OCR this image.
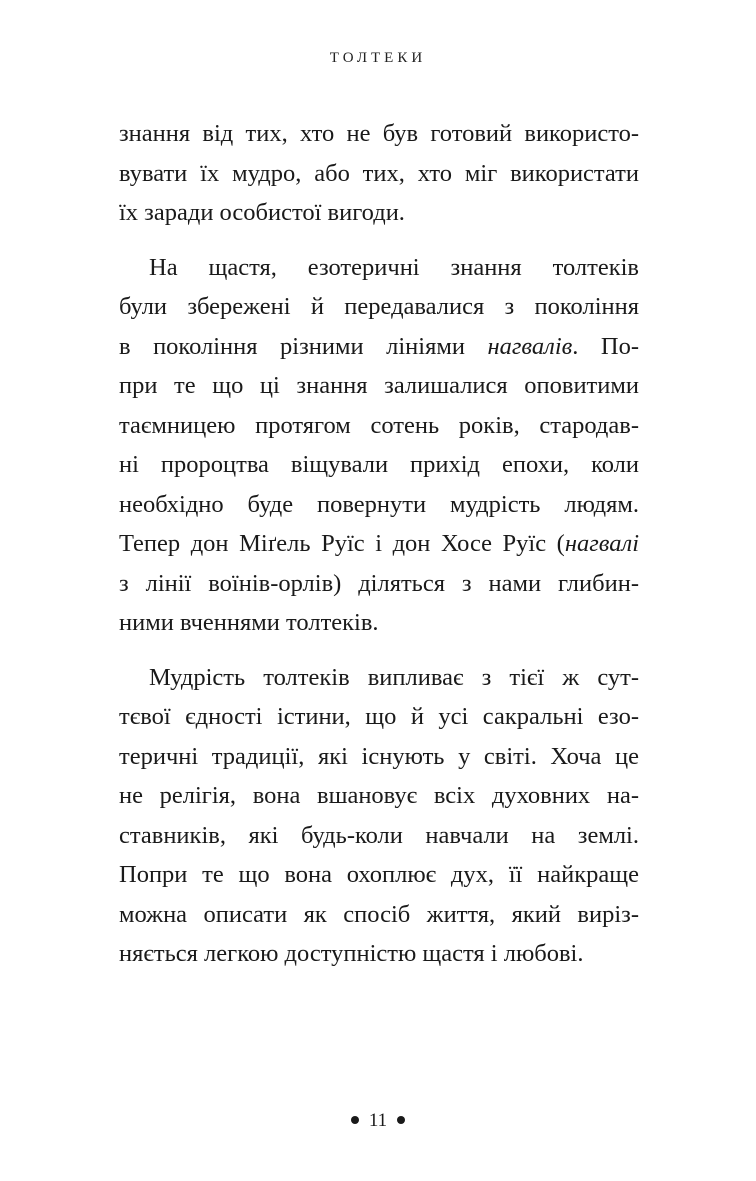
ТОЛТЕКИ
знання від тих, хто не був готовий використо-
вувати їх мудро, або тих, хто міг використати
їх заради особистої вигоди.
На щастя, езотеричні знання толтеків
були збережені й передавалися з покоління
в покоління різними лініями нагвалів. По-
при те що ці знання залишалися оповитими
таємницею протягом сотень років, стародав-
ні пророцтва віщували прихід епохи, коли
необхідно буде повернути мудрість людям.
Тепер дон Міґель Руїс і дон Хосе Руїс (нагвалі
з лінії воїнів-орлів) діляться з нами глибин-
ними вченнями толтеків.
Мудрість толтеків випливає з тієї ж сут-
тєвої єдності істини, що й усі сакральні езо-
теричні традиції, які існують у світі. Хоча це
не релігія, вона вшановує всіх духовних на-
ставників, які будь-коли навчали на землі.
Попри те що вона охоплює дух, її найкраще
можна описати як спосіб життя, який виріз-
няється легкою доступністю щастя і любові.
11
